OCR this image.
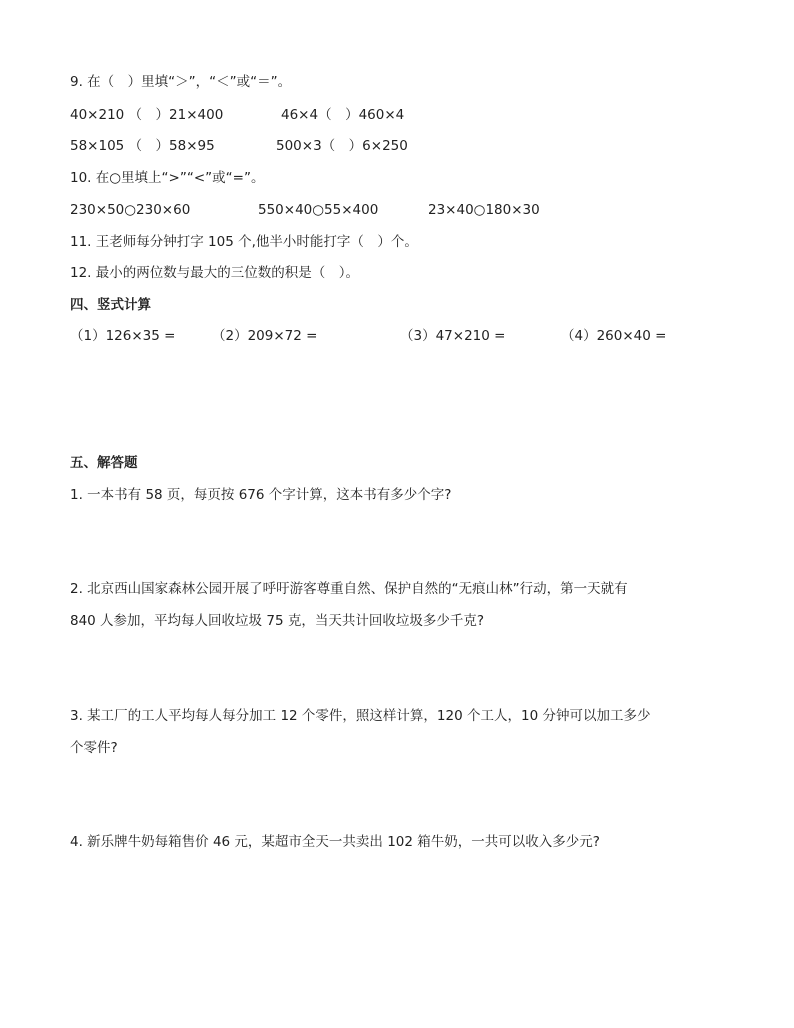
9. 在（　）里填“＞”，“＜”或“＝”。
40×210 （　）21×400	46×4（　）460×4
58×105 （　）58×95	500×3（　）6×250
10. 在○里填上“>”“<”或“=”。
230×50○230×60	550×40○55×400	23×40○180×30
11. 王老师每分钟打字 105 个,他半小时能打字（　）个。
12. 最小的两位数与最大的三位数的积是（　）。
四、竖式计算
（1）126×35 =	（2）209×72 =	（3）47×210 =	（4）260×40 =
五、解答题
1. 一本书有 58 页，每页按 676 个字计算，这本书有多少个字?
2. 北京西山国家森林公园开展了呼吁游客尊重自然、保护自然的“无痕山林”行动，第一天就有
840 人参加，平均每人回收垃圾 75 克，当天共计回收垃圾多少千克?
3. 某工厂的工人平均每人每分加工 12 个零件，照这样计算，120 个工人，10 分钟可以加工多少
个零件?
4. 新乐牌牛奶每箱售价 46 元，某超市全天一共卖出 102 箱牛奶，一共可以收入多少元?
